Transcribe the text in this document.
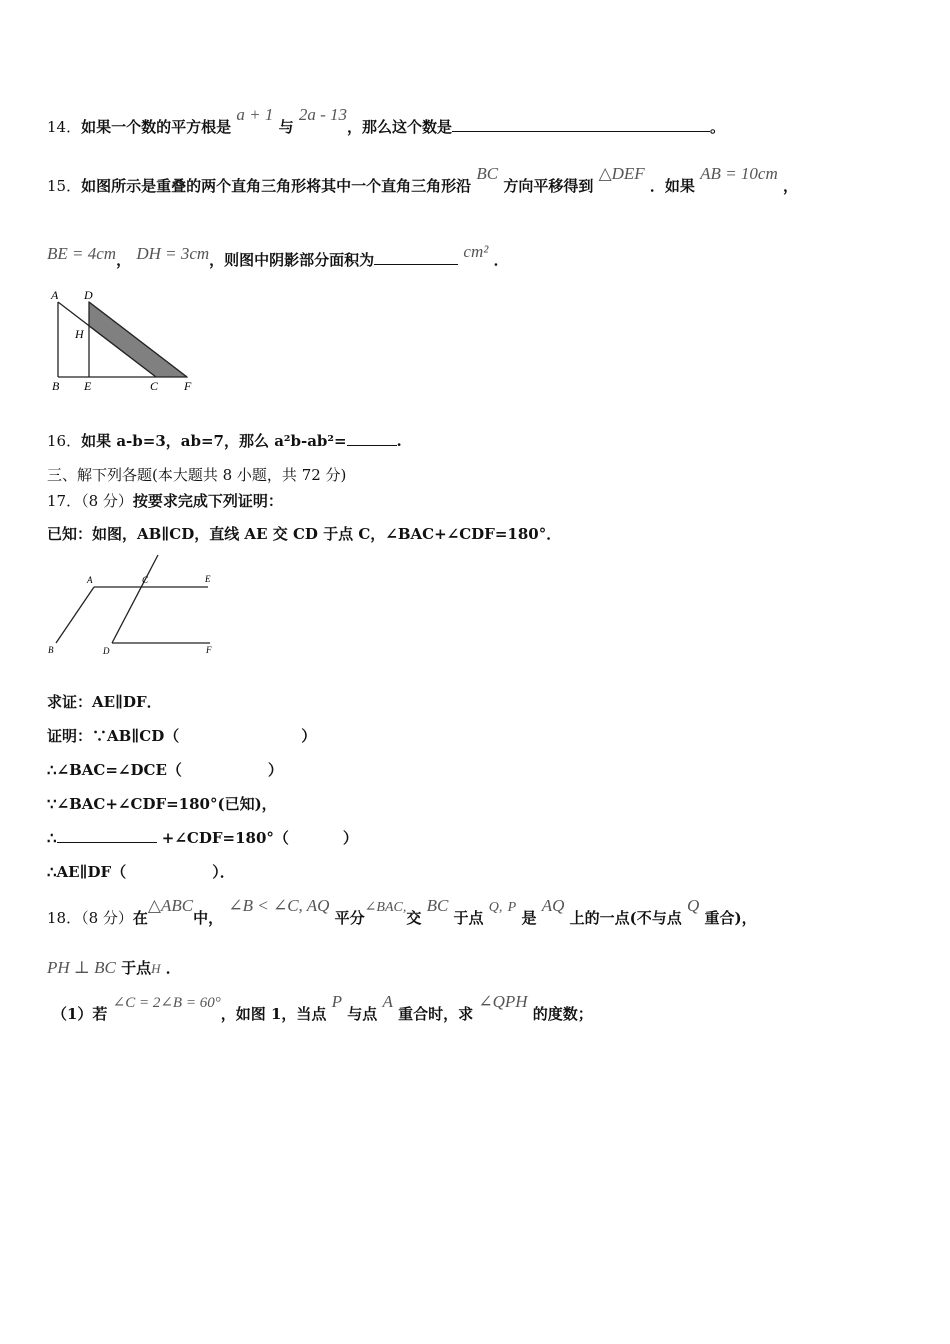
14．如果一个数的平方根是 a + 1 与 2a - 13，那么这个数是	。
15．如图所示是重叠的两个直角三角形将其中一个直角三角形沿 BC 方向平移得到 △DEF ．如果 AB = 10cm ，
BE = 4cm， DH = 3cm，则图中阴影部分面积为	cm² ．
A D
H
B E	C F
16．如果 a-b=3，ab=7，那么 a²b-ab²=	.
三、解下列各题(本大题共 8 小题，共 72 分)
17．（8 分）按要求完成下列证明：
已知：如图，AB∥CD，直线 AE 交 CD 于点 C，∠BAC+∠CDF=180°．
A	C	E
B	D	F
求证：AE∥DF．
证明：∵AB∥CD（	）
∴∠BAC=∠DCE（	）
∵∠BAC+∠CDF=180°(已知)，
∴	+∠CDF=180°（	）
∴AE∥DF（	）．
18．（8 分）在△ABC中， ∠B < ∠C, AQ 平分∠BAC,交 BC 于点 Q, P 是 AQ 上的一点(不与点 Q 重合)，
PH ⊥ BC 于点H ．
（1）若 ∠C = 2∠B = 60°，如图 1，当点 P 与点 A 重合时，求 ∠QPH 的度数；
